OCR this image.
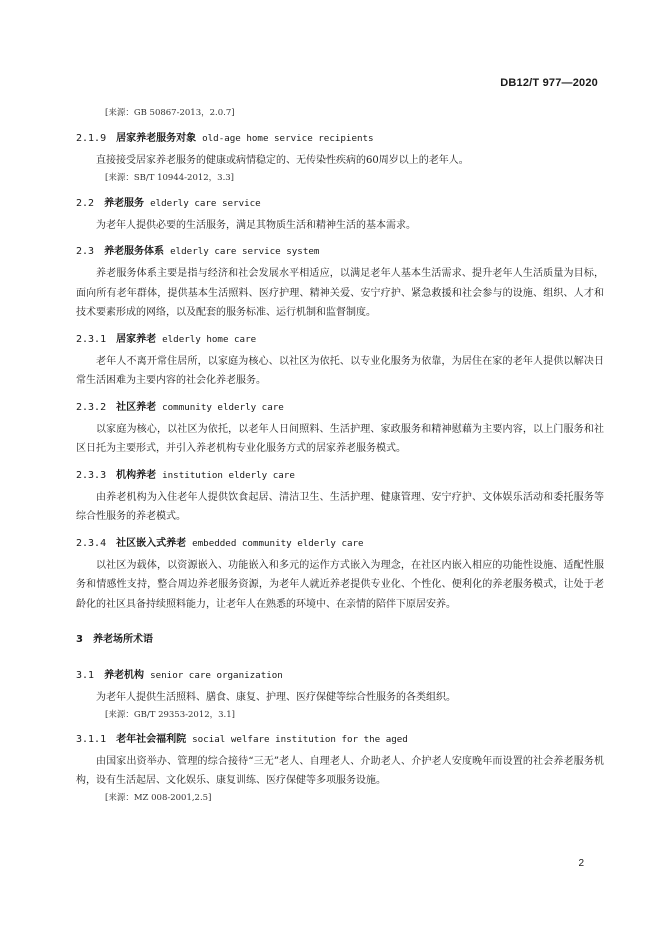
DB12/T 977—2020
[来源：GB 50867-2013，2.0.7]
2.1.9 居家养老服务对象 old-age home service recipients
直接接受居家养老服务的健康或病情稳定的、无传染性疾病的60周岁以上的老年人。
[来源：SB/T 10944-2012，3.3]
2.2 养老服务 elderly care service
为老年人提供必要的生活服务，满足其物质生活和精神生活的基本需求。
2.3 养老服务体系 elderly care service system
养老服务体系主要是指与经济和社会发展水平相适应，以满足老年人基本生活需求、提升老年人生活质量为目标，面向所有老年群体，提供基本生活照料、医疗护理、精神关爱、安宁疗护、紧急救援和社会参与的设施、组织、人才和技术要素形成的网络，以及配套的服务标准、运行机制和监督制度。
2.3.1 居家养老 elderly home care
老年人不离开常住居所，以家庭为核心、以社区为依托、以专业化服务为依靠，为居住在家的老年人提供以解决日常生活困难为主要内容的社会化养老服务。
2.3.2 社区养老 community elderly care
以家庭为核心，以社区为依托，以老年人日间照料、生活护理、家政服务和精神慰藉为主要内容，以上门服务和社区日托为主要形式，并引入养老机构专业化服务方式的居家养老服务模式。
2.3.3 机构养老 institution elderly care
由养老机构为入住老年人提供饮食起居、清洁卫生、生活护理、健康管理、安宁疗护、文体娱乐活动和委托服务等综合性服务的养老模式。
2.3.4 社区嵌入式养老 embedded community elderly care
以社区为载体，以资源嵌入、功能嵌入和多元的运作方式嵌入为理念，在社区内嵌入相应的功能性设施、适配性服务和情感性支持，整合周边养老服务资源，为老年人就近养老提供专业化、个性化、便利化的养老服务模式，让处于老龄化的社区具备持续照料能力，让老年人在熟悉的环境中、在亲情的陪伴下原居安养。
3 养老场所术语
3.1 养老机构 senior care organization
为老年人提供生活照料、膳食、康复、护理、医疗保健等综合性服务的各类组织。
[来源：GB/T 29353-2012，3.1]
3.1.1 老年社会福利院 social welfare institution for the aged
由国家出资举办、管理的综合接待“三无”老人、自理老人、介助老人、介护老人安度晚年而设置的社会养老服务机构，设有生活起居、文化娱乐、康复训练、医疗保健等多项服务设施。
[来源：MZ 008-2001,2.5]
2
